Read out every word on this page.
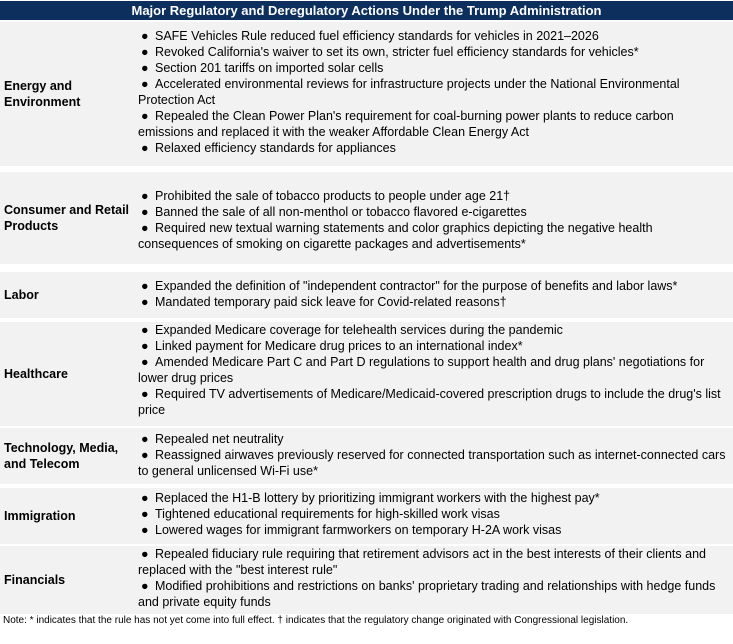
Major Regulatory and Deregulatory Actions Under the Trump Administration
Energy and Environment
● SAFE Vehicles Rule reduced fuel efficiency standards for vehicles in 2021–2026
● Revoked California's waiver to set its own, stricter fuel efficiency standards for vehicles*
● Section 201 tariffs on imported solar cells
● Accelerated environmental reviews for infrastructure projects under the National Environmental Protection Act
● Repealed the Clean Power Plan's requirement for coal-burning power plants to reduce carbon emissions and replaced it with the weaker Affordable Clean Energy Act
● Relaxed efficiency standards for appliances
Consumer and Retail Products
● Prohibited the sale of tobacco products to people under age 21†
● Banned the sale of all non-menthol or tobacco flavored e-cigarettes
● Required new textual warning statements and color graphics depicting the negative health consequences of smoking on cigarette packages and advertisements*
Labor
● Expanded the definition of "independent contractor" for the purpose of benefits and labor laws*
● Mandated temporary paid sick leave for Covid-related reasons†
Healthcare
● Expanded Medicare coverage for telehealth services during the pandemic
● Linked payment for Medicare drug prices to an international index*
● Amended Medicare Part C and Part D regulations to support health and drug plans' negotiations for lower drug prices
● Required TV advertisements of Medicare/Medicaid-covered prescription drugs to include the drug's list price
Technology, Media, and Telecom
● Repealed net neutrality
● Reassigned airwaves previously reserved for connected transportation such as internet-connected cars to general unlicensed Wi-Fi use*
Immigration
● Replaced the H1-B lottery by prioritizing immigrant workers with the highest pay*
● Tightened educational requirements for high-skilled work visas
● Lowered wages for immigrant farmworkers on temporary H-2A work visas
Financials
● Repealed fiduciary rule requiring that retirement advisors act in the best interests of their clients and replaced with the "best interest rule"
● Modified prohibitions and restrictions on banks' proprietary trading and relationships with hedge funds and private equity funds
Note: * indicates that the rule has not yet come into full effect. † indicates that the regulatory change originated with Congressional legislation.
